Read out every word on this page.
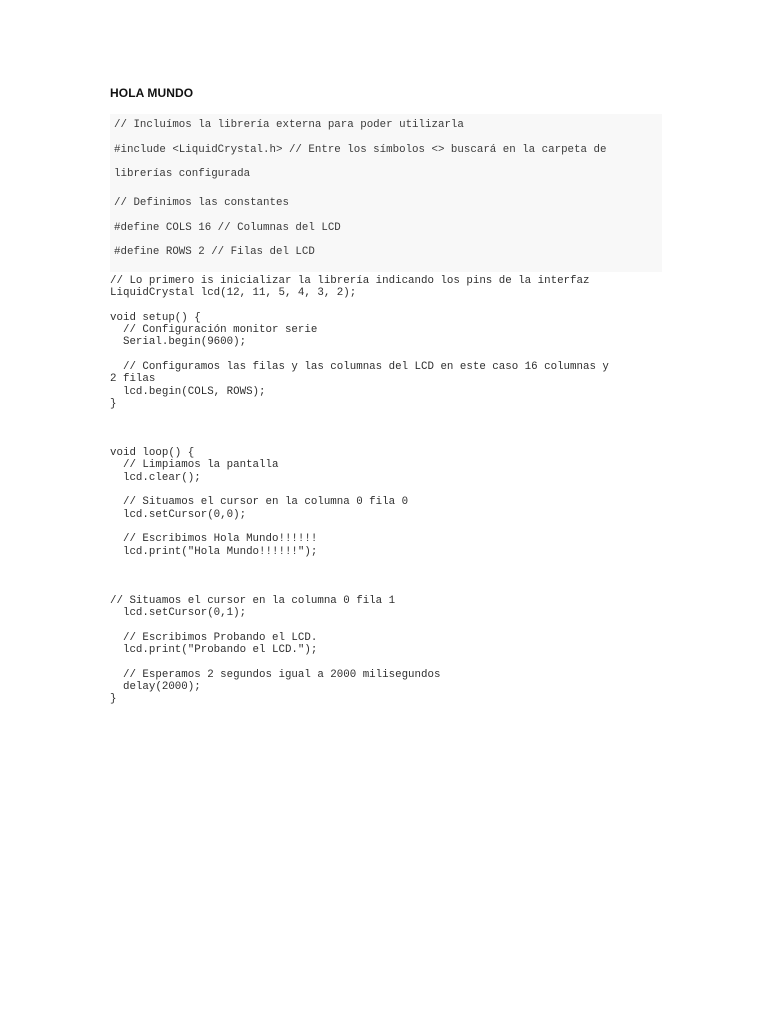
HOLA MUNDO

// Incluímos la librería externa para poder utilizarla

#include <LiquidCrystal.h> // Entre los símbolos <> buscará en la carpeta de

librerías configurada

// Definimos las constantes

#define COLS 16 // Columnas del LCD

#define ROWS 2 // Filas del LCD

// Lo primero is inicializar la librería indicando los pins de la interfaz
LiquidCrystal lcd(12, 11, 5, 4, 3, 2);
void setup() {
// Configuración monitor serie
Serial.begin(9600);
// Configuramos las filas y las columnas del LCD en este caso 16 columnas y
2 filas
lcd.begin(COLS, ROWS);
}
void loop() {
// Limpiamos la pantalla
lcd.clear();
// Situamos el cursor en la columna 0 fila 0
lcd.setCursor(0,0);
// Escribimos Hola Mundo!!!!!!
lcd.print("Hola Mundo!!!!!!");
// Situamos el cursor en la columna 0 fila 1
lcd.setCursor(0,1);
// Escribimos Probando el LCD.
lcd.print("Probando el LCD.");
// Esperamos 2 segundos igual a 2000 milisegundos
delay(2000);
}
